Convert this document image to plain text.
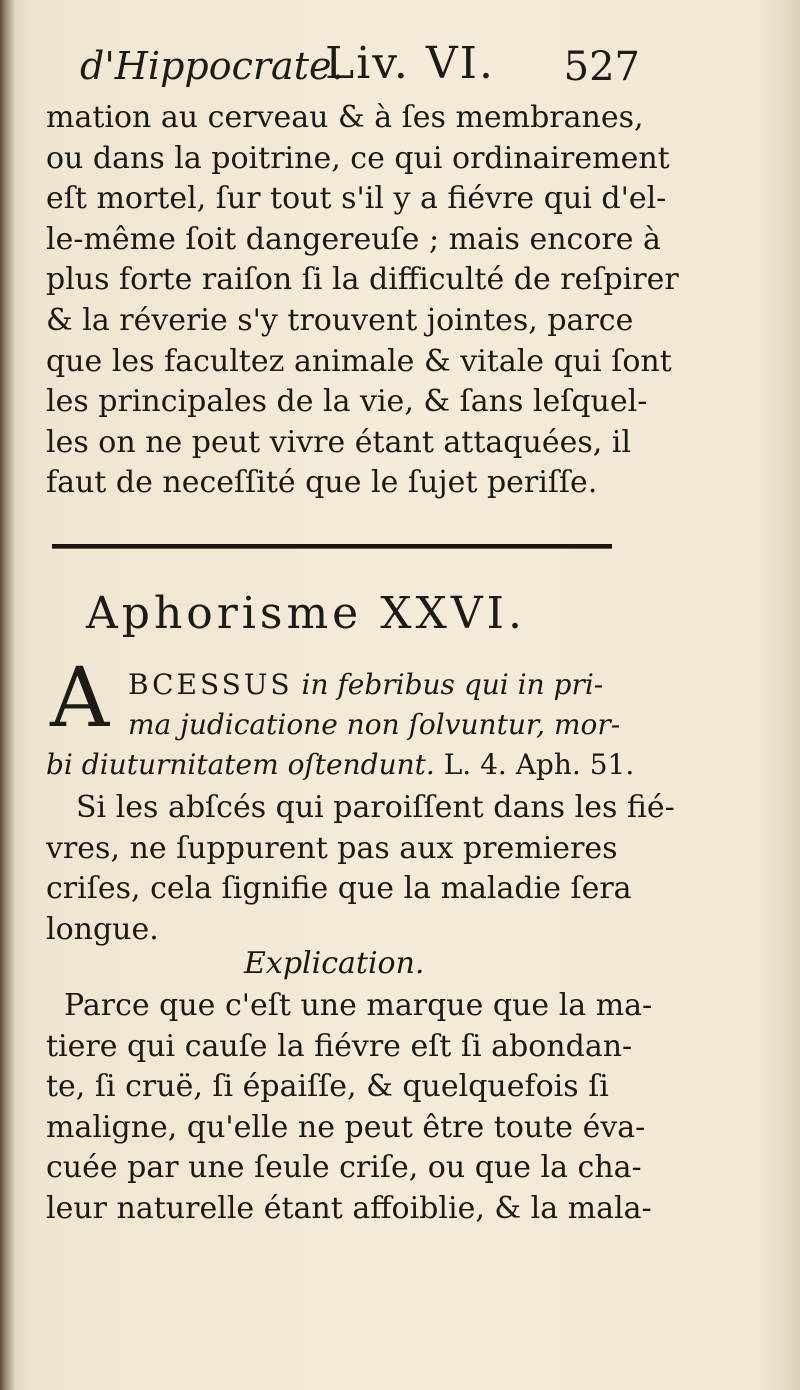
d'Hippocrate.
Liv. VI. 527
mation au cerveau & à ſes membranes,
ou dans la poitrine, ce qui ordinairement
eſt mortel, ſur tout s'il y a fiévre qui d'el-
le-même ſoit dangereuſe ; mais encore à
plus forte raiſon ſi la difficulté de reſpirer
& la réverie s'y trouvent jointes, parce
que les facultez animale & vitale qui ſont
les principales de la vie, & ſans leſquel-
les on ne peut vivre étant attaquées, il
faut de neceſſité que le ſujet periſſe.
Aphorisme XXVI.
A BCESSUS in febribus qui in pri-
ma judicatione non ſolvuntur, mor-
bi diuturnitatem oſtendunt. L. 4. Aph. 51.
Si les abſcés qui paroiſſent dans les fié-
vres, ne ſuppurent pas aux premieres
criſes, cela ſignifie que la maladie ſera
longue.
Explication.
Parce que c'eſt une marque que la ma-
tiere qui cauſe la fiévre eſt ſi abondan-
te, ſi cruë, ſi épaiſſe, & quelquefois ſi
maligne, qu'elle ne peut être toute éva-
cuée par une ſeule criſe, ou que la cha-
leur naturelle étant affoiblie, & la mala-
